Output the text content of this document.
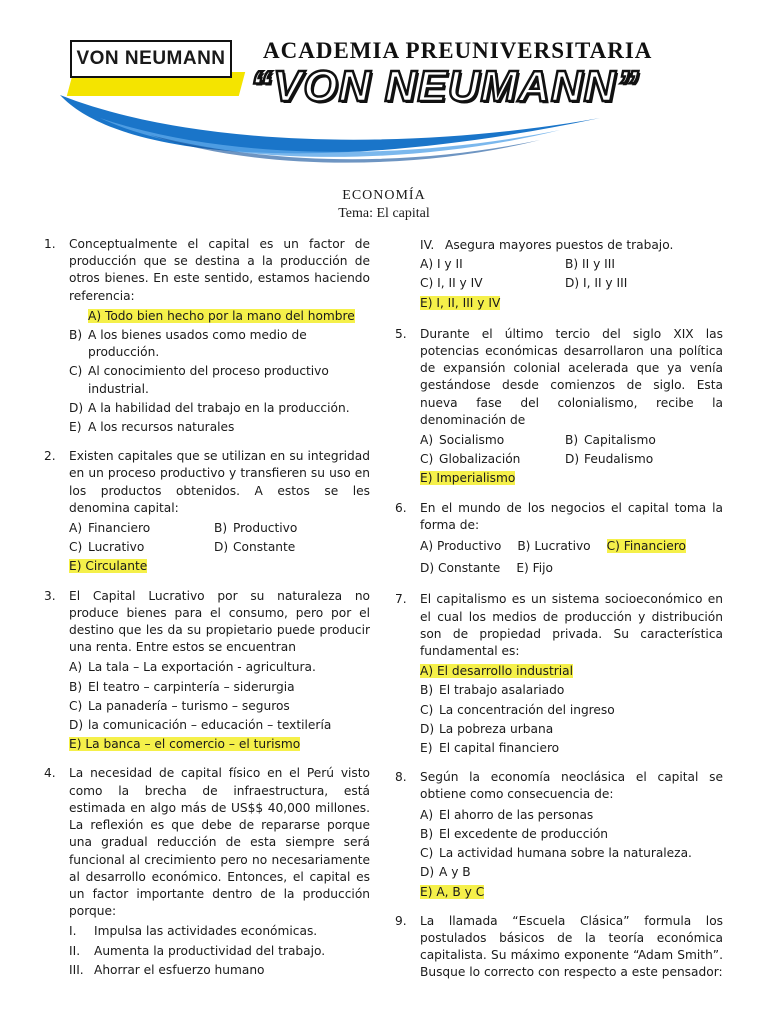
VON NEUMANN ACADEMIA PREUNIVERSITARIA
“VON NEUMANN”
ECONOMÍA
Tema: El capital
1. Conceptualmente el capital es un factor de producción que se destina a la producción de otros bienes. En este sentido, estamos haciendo referencia:
A) Todo bien hecho por la mano del hombre
B) A los bienes usados como medio de producción.
C) Al conocimiento del proceso productivo industrial.
D) A la habilidad del trabajo en la producción.
E) A los recursos naturales
2. Existen capitales que se utilizan en su integridad en un proceso productivo y transfieren su uso en los productos obtenidos. A estos se les denomina capital:
A) Financiero	B) Productivo
C) Lucrativo	D) Constante
E) Circulante
3. El Capital Lucrativo por su naturaleza no produce bienes para el consumo, pero por el destino que les da su propietario puede producir una renta. Entre estos se encuentran
A) La tala – La exportación - agricultura.
B) El teatro – carpintería – siderurgia
C) La panadería – turismo – seguros
D) la comunicación – educación – textilería
E) La banca – el comercio – el turismo
4. La necesidad de capital físico en el Perú visto como la brecha de infraestructura, está estimada en algo más de US$$ 40,000 millones. La reflexión es que debe de repararse porque una gradual reducción de esta siempre será funcional al crecimiento pero no necesariamente al desarrollo económico. Entonces, el capital es un factor importante dentro de la producción porque:
I. Impulsa las actividades económicas.
II. Aumenta la productividad del trabajo.
III. Ahorrar el esfuerzo humano
IV. Asegura mayores puestos de trabajo.
A) I y II	B) II y III
C) I, II y IV	D) I, II y III
E) I, II, III y IV
5. Durante el último tercio del siglo XIX las potencias económicas desarrollaron una política de expansión colonial acelerada que ya venía gestándose desde comienzos de siglo. Esta nueva fase del colonialismo, recibe la denominación de
A) Socialismo	B) Capitalismo
C) Globalización	D) Feudalismo
E) Imperialismo
6. En el mundo de los negocios el capital toma la forma de:
A) Productivo B) Lucrativo C) Financiero
D) Constante E) Fijo
7. El capitalismo es un sistema socioeconómico en el cual los medios de producción y distribución son de propiedad privada. Su característica fundamental es:
A) El desarrollo industrial
B) El trabajo asalariado
C) La concentración del ingreso
D) La pobreza urbana
E) El capital financiero
8. Según la economía neoclásica el capital se obtiene como consecuencia de:
A) El ahorro de las personas
B) El excedente de producción
C) La actividad humana sobre la naturaleza.
D) A y B
E) A, B y C
9. La llamada “Escuela Clásica” formula los postulados básicos de la teoría económica capitalista. Su máximo exponente “Adam Smith”. Busque lo correcto con respecto a este pensador:
